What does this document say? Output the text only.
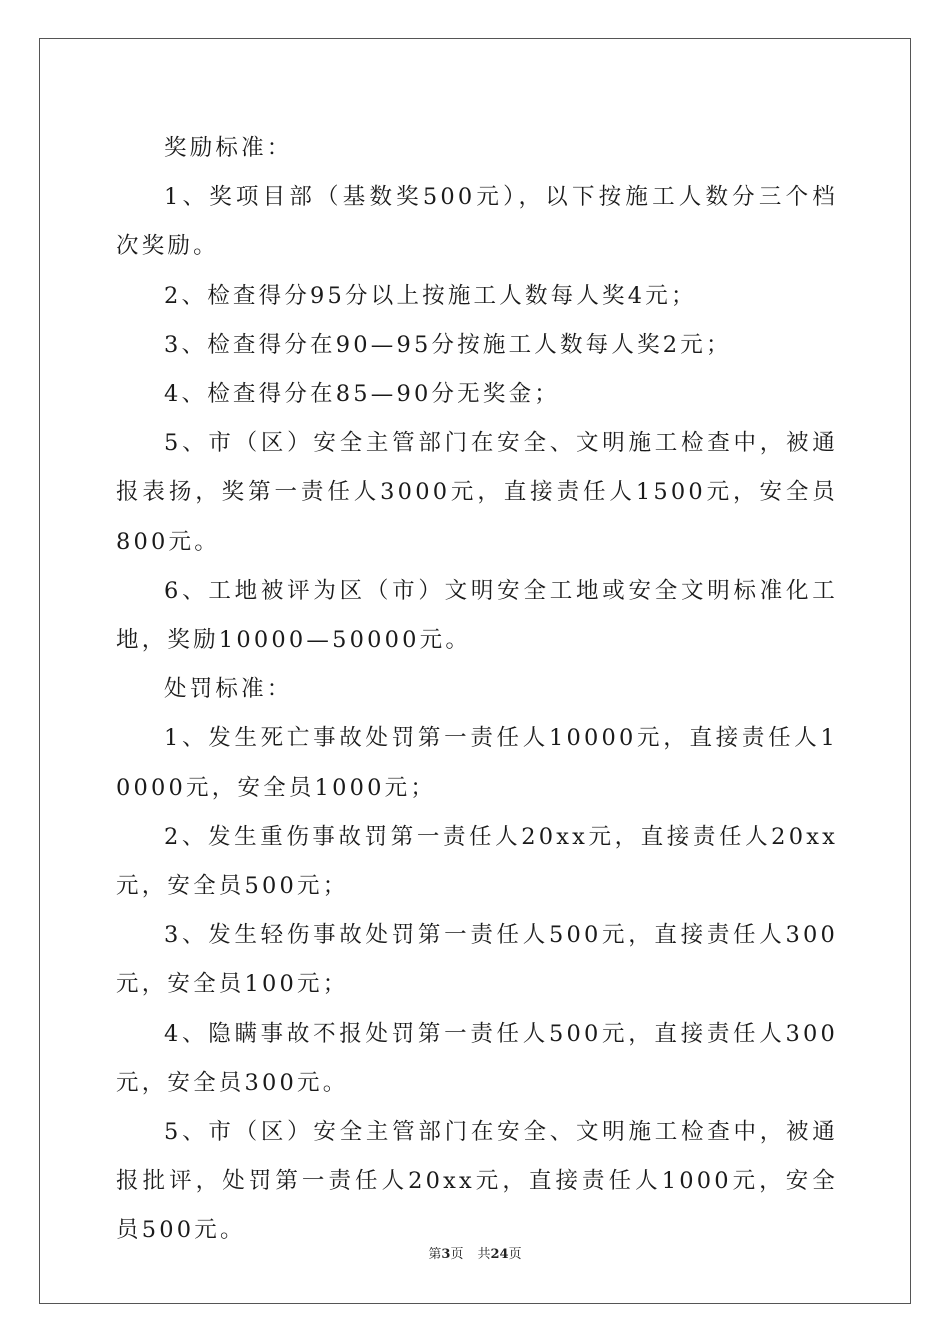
奖励标准：

1、奖项目部（基数奖500元），以下按施工人数分三个档次奖励。

2、检查得分95分以上按施工人数每人奖4元；

3、检查得分在90—95分按施工人数每人奖2元；

4、检查得分在85—90分无奖金；

5、市（区）安全主管部门在安全、文明施工检查中，被通报表扬，奖第一责任人3000元，直接责任人1500元，安全员800元。

6、工地被评为区（市）文明安全工地或安全文明标准化工地，奖励10000—50000元。

处罚标准：

1、发生死亡事故处罚第一责任人10000元，直接责任人10000元，安全员1000元；

2、发生重伤事故罚第一责任人20xx元，直接责任人20xx元，安全员500元；

3、发生轻伤事故处罚第一责任人500元，直接责任人300元，安全员100元；

4、隐瞒事故不报处罚第一责任人500元，直接责任人300元，安全员300元。

5、市（区）安全主管部门在安全、文明施工检查中，被通报批评，处罚第一责任人20xx元，直接责任人1000元，安全员500元。

第3页 共24页
